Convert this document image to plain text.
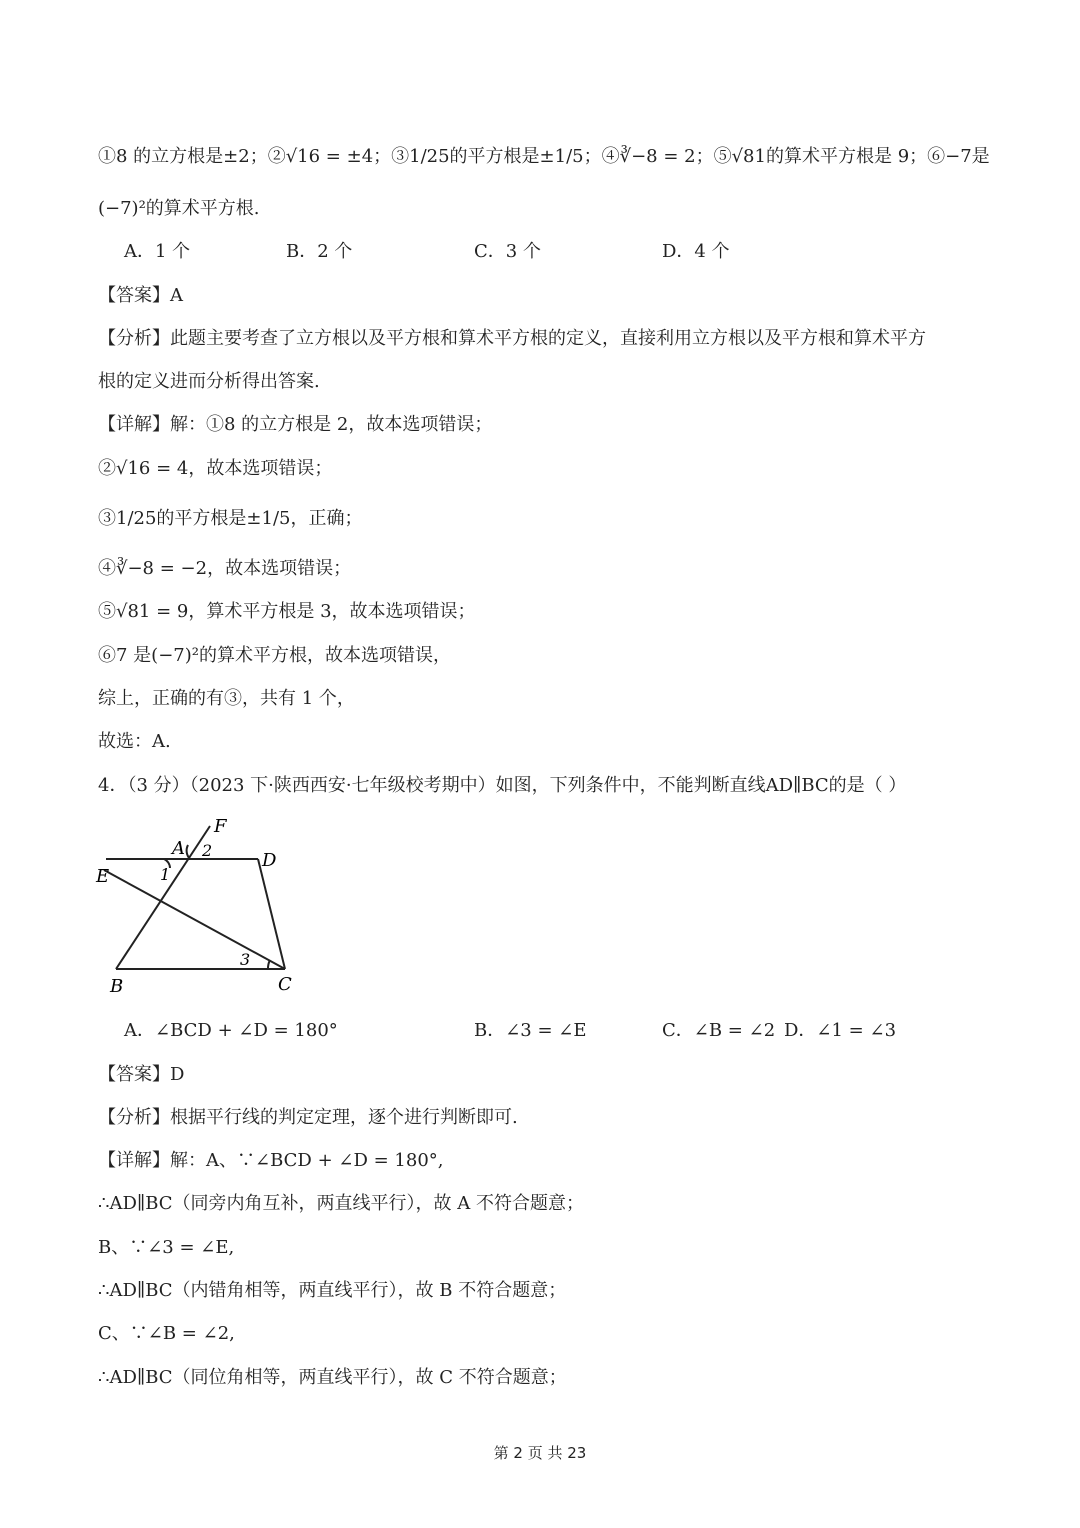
①8 的立方根是±2；②√16 = ±4；③1/25的平方根是±1/5；④∛−8 = 2；⑤√81的算术平方根是 9；⑥−7是
(−7)²的算术平方根.
A．1 个	B．2 个	C．3 个	D．4 个
【答案】A
【分析】此题主要考查了立方根以及平方根和算术平方根的定义，直接利用立方根以及平方根和算术平方
根的定义进而分析得出答案.
【详解】解：①8 的立方根是 2，故本选项错误；
②√16 = 4，故本选项错误；
③1/25的平方根是±1/5，正确；
④∛−8 = −2，故本选项错误；
⑤√81 = 9，算术平方根是 3，故本选项错误；
⑥7 是(−7)²的算术平方根，故本选项错误，
综上，正确的有③，共有 1 个，
故选：A.
4．（3 分）（2023 下·陕西西安·七年级校考期中）如图，下列条件中，不能判断直线AD∥BC的是（ ）
F
A 2	D
E	1
3
B	C
A．∠BCD + ∠D = 180°	B．∠3 = ∠E	C．∠B = ∠2 D．∠1 = ∠3
【答案】D
【分析】根据平行线的判定定理，逐个进行判断即可.
【详解】解：A、∵∠BCD + ∠D = 180°,
∴AD∥BC（同旁内角互补，两直线平行），故 A 不符合题意；
B、∵∠3 = ∠E,
∴AD∥BC（内错角相等，两直线平行），故 B 不符合题意；
C、∵∠B = ∠2,
∴AD∥BC（同位角相等，两直线平行），故 C 不符合题意；
第 2 页 共 23
